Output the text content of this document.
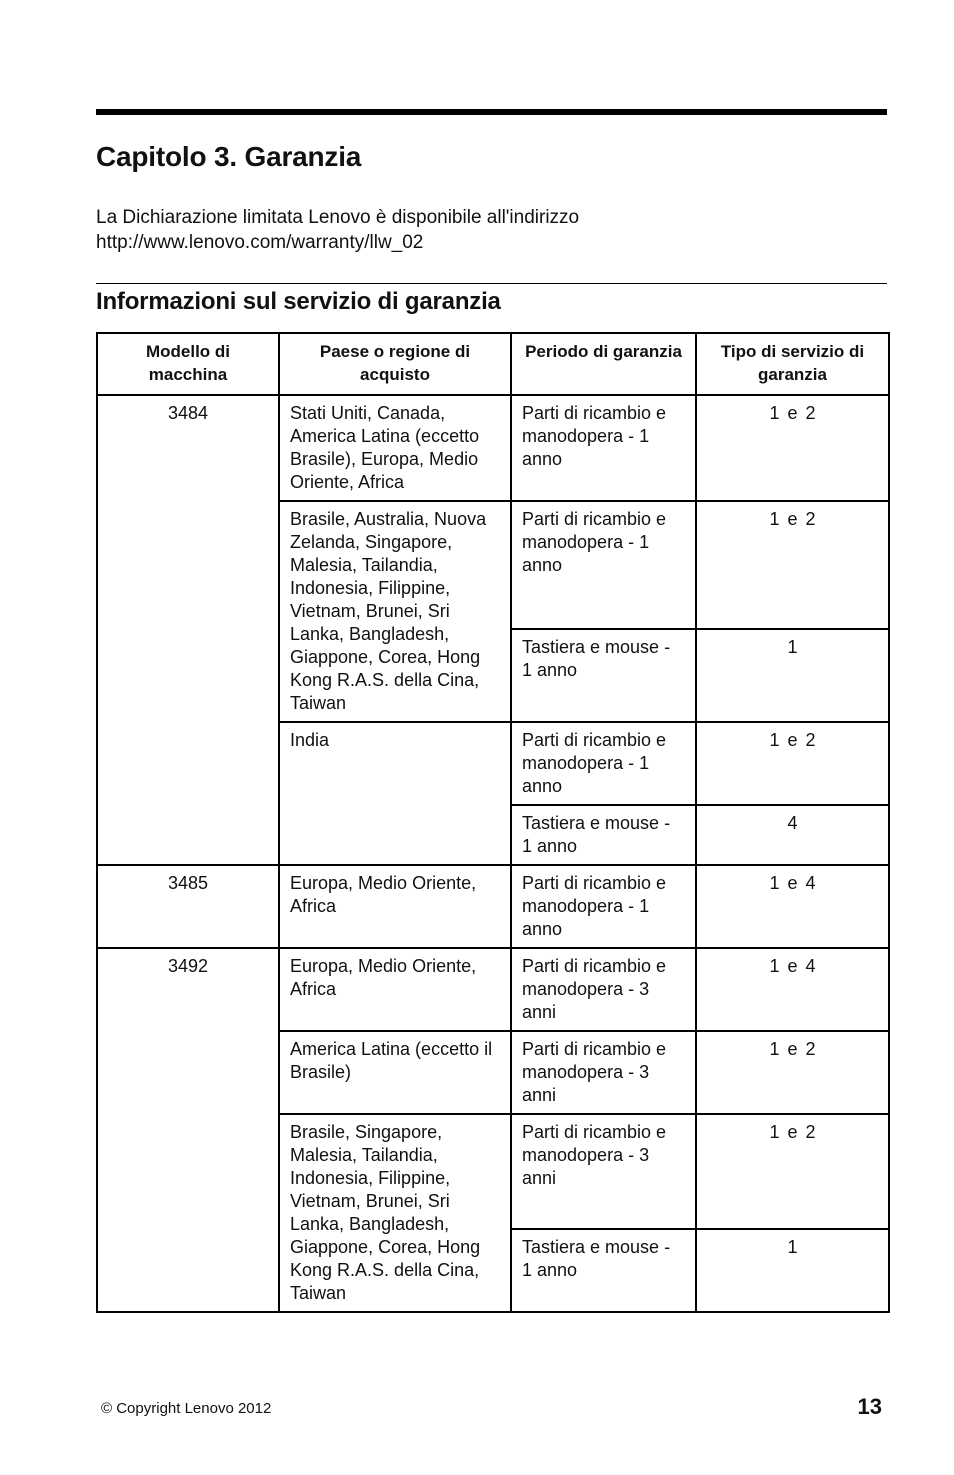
Capitolo 3. Garanzia

La Dichiarazione limitata Lenovo è disponibile all'indirizzo

http://www.lenovo.com/warranty/llw_02

Informazioni sul servizio di garanzia
Modello di macchina	Paese o regione di acquisto	Periodo di garanzia	Tipo di servizio di garanzia
3484	Stati Uniti, Canada, America Latina (eccetto Brasile), Europa, Medio Oriente, Africa	Parti di ricambio e manodopera - 1 anno	1 e 2
	Brasile, Australia, Nuova Zelanda, Singapore, Malesia, Tailandia, Indonesia, Filippine, Vietnam, Brunei, Sri Lanka, Bangladesh, Giappone, Corea, Hong Kong R.A.S. della Cina, Taiwan	Parti di ricambio e manodopera - 1 anno	1 e 2
		Tastiera e mouse - 1 anno	1
	India	Parti di ricambio e manodopera - 1 anno	1 e 2
		Tastiera e mouse - 1 anno	4
3485	Europa, Medio Oriente, Africa	Parti di ricambio e manodopera - 1 anno	1 e 4
3492	Europa, Medio Oriente, Africa	Parti di ricambio e manodopera - 3 anni	1 e 4
	America Latina (eccetto il Brasile)	Parti di ricambio e manodopera - 3 anni	1 e 2
	Brasile, Singapore, Malesia, Tailandia, Indonesia, Filippine, Vietnam, Brunei, Sri Lanka, Bangladesh, Giappone, Corea, Hong Kong R.A.S. della Cina, Taiwan	Parti di ricambio e manodopera - 3 anni	1 e 2
		Tastiera e mouse - 1 anno	1
© Copyright Lenovo 2012	13
